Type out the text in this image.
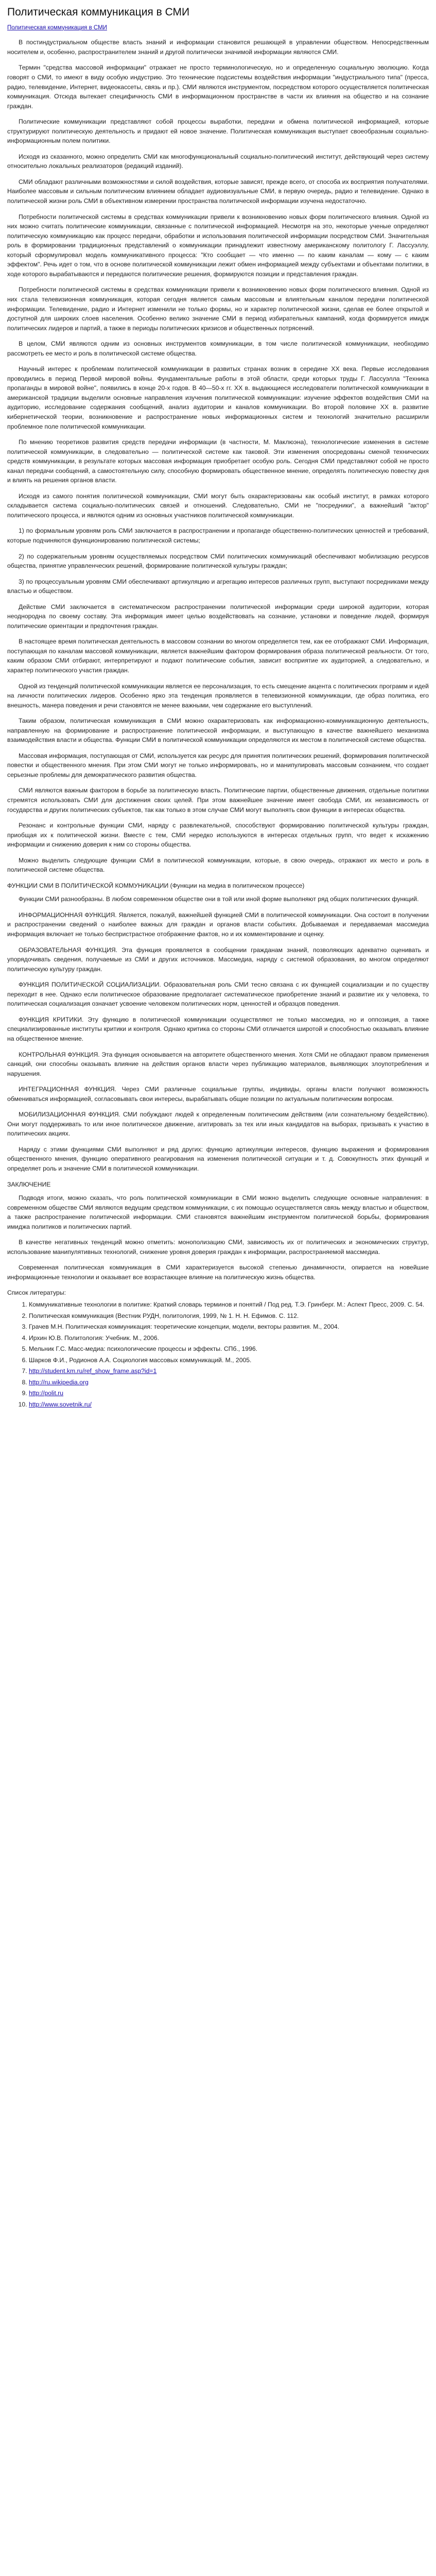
Политическая коммуникация в СМИ
Политическая коммуникация в СМИ

В постиндустриальном обществе власть знаний и информации становится решающей в управлении обществом. Непосредственным носителем и, особенно, распространителем знаний и другой политически значимой информации являются СМИ.

Термин "средства массовой информации" отражает не просто терминологическую, но и определенную социальную эволюцию. Когда говорят о СМИ, то имеют в виду особую индустрию. Это технические подсистемы воздействия информации "индустриального типа" (пресса, радио, телевидение, Интернет, видеокассеты, связь и пр.). СМИ являются инструментом, посредством которого осуществляется политическая коммуникация. Отсюда вытекает специфичность СМИ в информационном пространстве в части их влияния на общество и на сознание граждан.

Политические коммуникации представляют собой процессы выработки, передачи и обмена политической информацией, которые структурируют политическую деятельность и придают ей новое значение. Политическая коммуникация выступает своеобразным социально-информационным полем политики.

Исходя из сказанного, можно определить СМИ как многофункциональный социально-политический институт, действующий через систему относительно локальных реализаторов (редакций изданий).

СМИ обладают различными возможностями и силой воздействия, которые зависят, прежде всего, от способа их восприятия получателями. Наиболее массовым и сильным политическим влиянием обладает аудиовизуальные СМИ, в первую очередь, радио и телевидение. Однако в политической жизни роль СМИ в объективном измерении пространства политической информации изучена недостаточно.

Потребности политической системы в средствах коммуникации привели к возникновению новых форм политического влияния. Одной из них можно считать политические коммуникации, связанные с политической информацией. Несмотря на это, некоторые ученые определяют политическую коммуникацию как процесс передачи, обработки и использования политической информации посредством СМИ. Значительная роль в формировании традиционных представлений о коммуникации принадлежит известному американскому политологу Г. Лассуэллу, который сформулировал модель коммуникативного процесса: "Кто сообщает — что именно — по каким каналам — кому — с каким эффектом". Речь идет о том, что в основе политической коммуникации лежит обмен информацией между субъектами и объектами политики, в ходе которого вырабатываются и передаются политические решения, формируются позиции и представления граждан.

Потребности политической системы в средствах коммуникации привели к возникновению новых форм политического влияния. Одной из них стала телевизионная коммуникация, которая сегодня является самым массовым и влиятельным каналом передачи политической информации. Телевидение, радио и Интернет изменили не только формы, но и характер политической жизни, сделав ее более открытой и доступной для широких слоев населения. Особенно велико значение СМИ в период избирательных кампаний, когда формируется имидж политических лидеров и партий, а также в периоды политических кризисов и общественных потрясений.

В целом, СМИ являются одним из основных инструментов коммуникации, в том числе политической коммуникации, необходимо рассмотреть ее место и роль в политической системе общества.

Научный интерес к проблемам политической коммуникации в развитых странах возник в середине XX века. Первые исследования проводились в период Первой мировой войны. Фундаментальные работы в этой области, среди которых труды Г. Лассуэлла "Техника пропаганды в мировой войне", появились в конце 20-х годов. В 40—50-х гг. XX в. выдающиеся исследователи политической коммуникации в американской традиции выделили основные направления изучения политической коммуникации: изучение эффектов воздействия СМИ на аудиторию, исследование содержания сообщений, анализ аудитории и каналов коммуникации. Во второй половине XX в. развитие кибернетической теории, возникновение и распространение новых информационных систем и технологий значительно расширили проблемное поле политической коммуникации.

По мнению теоретиков развития средств передачи информации (в частности, М. Маклюэна), технологические изменения в системе политической коммуникации, в следовательно — политической системе как таковой. Эти изменения опосредованы сменой технических средств коммуникации, в результате которых массовая информация приобретает особую роль. Сегодня СМИ представляют собой не просто канал передачи сообщений, а самостоятельную силу, способную формировать общественное мнение, определять политическую повестку дня и влиять на решения органов власти.

Исходя из самого понятия политической коммуникации, СМИ могут быть охарактеризованы как особый институт, в рамках которого складывается система социально-политических связей и отношений. Следовательно, СМИ не "посредники", а важнейший "актор" политического процесса, и являются одним из основных участников политической коммуникации.

1) по формальным уровням роль СМИ заключается в распространении и пропаганде общественно-политических ценностей и требований, которые подчиняются функционированию политической системы;

2) по содержательным уровням осуществляемых посредством СМИ политических коммуникаций обеспечивают мобилизацию ресурсов общества, принятие управленческих решений, формирование политической культуры граждан;

3) по процессуальным уровням СМИ обеспечивают артикуляцию и агрегацию интересов различных групп, выступают посредниками между властью и обществом.

Действие СМИ заключается в систематическом распространении политической информации среди широкой аудитории, которая неоднородна по своему составу. Эта информация имеет целью воздействовать на сознание, установки и поведение людей, формируя политические ориентации и предпочтения граждан.

В настоящее время политическая деятельность в массовом сознании во многом определяется тем, как ее отображают СМИ. Информация, поступающая по каналам массовой коммуникации, является важнейшим фактором формирования образа политической реальности. От того, каким образом СМИ отбирают, интерпретируют и подают политические события, зависит восприятие их аудиторией, а следовательно, и характер политического участия граждан.

Одной из тенденций политической коммуникации является ее персонализация, то есть смещение акцента с политических программ и идей на личности политических лидеров. Особенно ярко эта тенденция проявляется в телевизионной коммуникации, где образ политика, его внешность, манера поведения и речи становятся не менее важными, чем содержание его выступлений.

Таким образом, политическая коммуникация в СМИ можно охарактеризовать как информационно-коммуникационную деятельность, направленную на формирование и распространение политической информации, и выступающую в качестве важнейшего механизма взаимодействия власти и общества. Функции СМИ в политической коммуникации определяются их местом в политической системе общества.

Массовая информация, поступающая от СМИ, используется как ресурс для принятия политических решений, формирования политической повестки и общественного мнения. При этом СМИ могут не только информировать, но и манипулировать массовым сознанием, что создает серьезные проблемы для демократического развития общества.

СМИ являются важным фактором в борьбе за политическую власть. Политические партии, общественные движения, отдельные политики стремятся использовать СМИ для достижения своих целей. При этом важнейшее значение имеет свобода СМИ, их независимость от государства и других политических субъектов, так как только в этом случае СМИ могут выполнять свои функции в интересах общества.

Резонанс и контрольные функции СМИ, наряду с развлекательной, способствуют формированию политической культуры граждан, приобщая их к политической жизни. Вместе с тем, СМИ нередко используются в интересах отдельных групп, что ведет к искажению информации и снижению доверия к ним со стороны общества.

Можно выделить следующие функции СМИ в политической коммуникации, которые, в свою очередь, отражают их место и роль в политической системе общества.

ФУНКЦИИ СМИ В ПОЛИТИЧЕСКОЙ КОММУНИКАЦИИ (Функции на медиа в политическом процессе)

Функции СМИ разнообразны. В любом современном обществе они в той или иной форме выполняют ряд общих политических функций.

ИНФОРМАЦИОННАЯ ФУНКЦИЯ. Является, пожалуй, важнейшей функцией СМИ в политической коммуникации. Она состоит в получении и распространении сведений о наиболее важных для граждан и органов власти событиях. Добываемая и передаваемая массмедиа информация включает не только беспристрастное отображение фактов, но и их комментирование и оценку.

ОБРАЗОВАТЕЛЬНАЯ ФУНКЦИЯ. Эта функция проявляется в сообщении гражданам знаний, позволяющих адекватно оценивать и упорядочивать сведения, получаемые из СМИ и других источников. Массмедиа, наряду с системой образования, во многом определяют политическую культуру граждан.

ФУНКЦИЯ ПОЛИТИЧЕСКОЙ СОЦИАЛИЗАЦИИ. Образовательная роль СМИ тесно связана с их функцией социализации и по существу переходит в нее. Однако если политическое образование предполагает систематическое приобретение знаний и развитие их у человека, то политическая социализация означает усвоение человеком политических норм, ценностей и образцов поведения.

ФУНКЦИЯ КРИТИКИ. Эту функцию в политической коммуникации осуществляют не только массмедиа, но и оппозиция, а также специализированные институты критики и контроля. Однако критика со стороны СМИ отличается широтой и способностью оказывать влияние на общественное мнение.

КОНТРОЛЬНАЯ ФУНКЦИЯ. Эта функция основывается на авторитете общественного мнения. Хотя СМИ не обладают правом применения санкций, они способны оказывать влияние на действия органов власти через публикацию материалов, выявляющих злоупотребления и нарушения.

ИНТЕГРАЦИОННАЯ ФУНКЦИЯ. Через СМИ различные социальные группы, индивиды, органы власти получают возможность обмениваться информацией, согласовывать свои интересы, вырабатывать общие позиции по актуальным политическим вопросам.

МОБИЛИЗАЦИОННАЯ ФУНКЦИЯ. СМИ побуждают людей к определенным политическим действиям (или сознательному бездействию). Они могут поддерживать то или иное политическое движение, агитировать за тех или иных кандидатов на выборах, призывать к участию в политических акциях.

Наряду с этими функциями СМИ выполняют и ряд других: функцию артикуляции интересов, функцию выражения и формирования общественного мнения, функцию оперативного реагирования на изменения политической ситуации и т. д. Совокупность этих функций и определяет роль и значение СМИ в политической коммуникации.

ЗАКЛЮЧЕНИЕ

Подводя итоги, можно сказать, что роль политической коммуникации в СМИ можно выделить следующие основные направления: в современном обществе СМИ являются ведущим средством коммуникации, с их помощью осуществляется связь между властью и обществом, а также распространение политической информации. СМИ становятся важнейшим инструментом политической борьбы, формирования имиджа политиков и политических партий.

В качестве негативных тенденций можно отметить: монополизацию СМИ, зависимость их от политических и экономических структур, использование манипулятивных технологий, снижение уровня доверия граждан к информации, распространяемой массмедиа.

Современная политическая коммуникация в СМИ характеризуется высокой степенью динамичности, опирается на новейшие информационные технологии и оказывает все возрастающее влияние на политическую жизнь общества.

Список литературы:

1. Коммуникативные технологии в политике: Краткий словарь терминов и понятий / Под ред. Т.Э. Гринберг. М.: Аспект Пресс, 2009. С. 54.
2. Политическая коммуникация (Вестник РУДН, политология, 1999, № 1. Н. Н. Ефимов. С. 112.
3. Грачев М.Н. Политическая коммуникация: теоретические концепции, модели, векторы развития. М., 2004.
4. Ирхин Ю.В. Политология: Учебник. М., 2006.
5. Мельник Г.С. Масс-медиа: психологические процессы и эффекты. СПб., 1996.
6. Шарков Ф.И., Родионов А.А. Социология массовых коммуникаций. М., 2005.
7. http://student.km.ru/ref_show_frame.asp?id=1
8. http://ru.wikipedia.org
9. http://polit.ru
10. http://www.sovetnik.ru/
